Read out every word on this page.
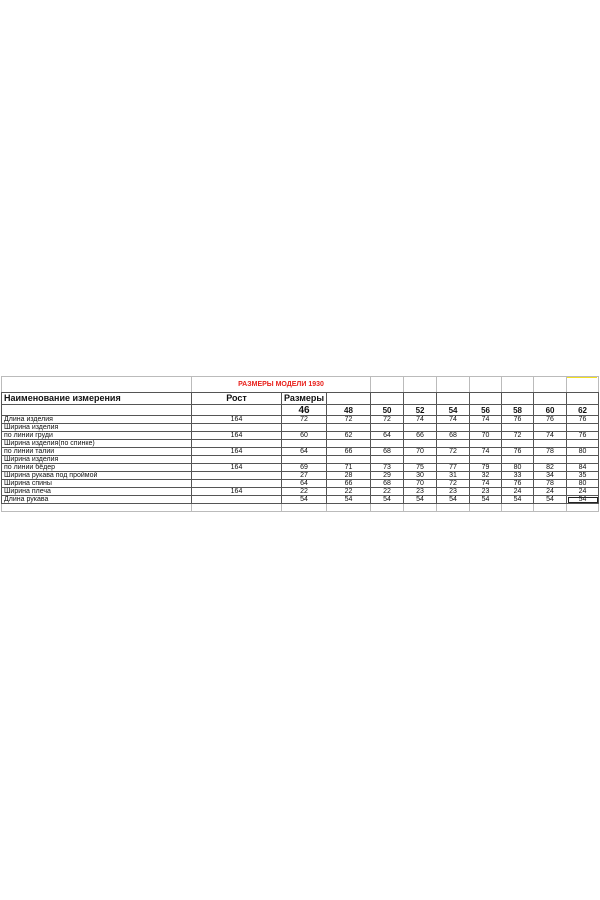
	РАЗМЕРЫ МОДЕЛИ 1930									
Наименование измерения	Рост	Размеры								
		46	48	50	52	54	56	58	60	62
Длина изделия	164	72	72	72	74	74	74	76	76	76
Ширина изделия										
по линии груди	164	60	62	64	66	68	70	72	74	76
Ширина изделия(по спинке)										
по линии талии	164	64	66	68	70	72	74	76	78	80
Ширина изделия										
по линии бёдер	164	69	71	73	75	77	79	80	82	84
Ширина рукава под проймой		27	28	29	30	31	32	33	34	35
Ширина спины		64	66	68	70	72	74	76	78	80
Ширина плеча	164	22	22	22	23	23	23	24	24	24
Длина рукава		54	54	54	54	54	54	54	54	54
